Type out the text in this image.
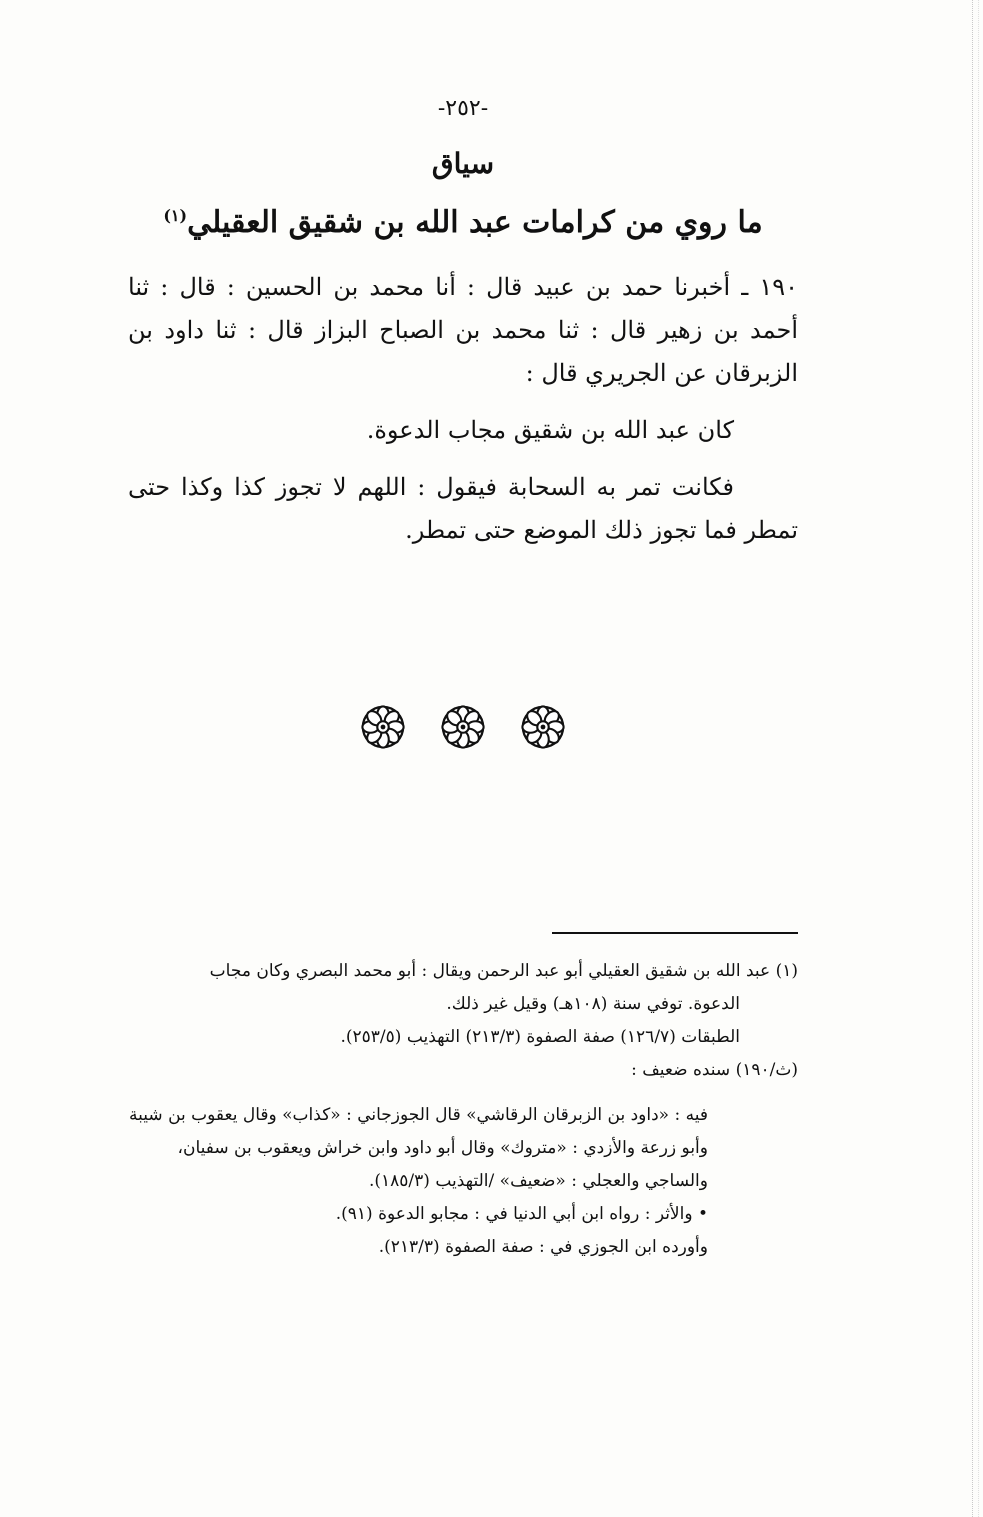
-٢٥٢-
سياق
ما روي من كرامات عبد الله بن شقيق العقيلي$^{(١)}$

١٩٠ ـ أخبرنا حمد بن عبيد قال : أنا محمد بن الحسين : قال : ثنا أحمد بن زهير قال : ثنا محمد بن الصباح البزاز قال : ثنا داود بن الزبرقان عن الجريري قال :

كان عبد الله بن شقيق مجاب الدعوة.

فكانت تمر به السحابة فيقول : اللهم لا تجوز كذا وكذا حتى تمطر فما تجوز ذلك الموضع حتى تمطر.

(١) عبد الله بن شقيق العقيلي أبو عبد الرحمن ويقال : أبو محمد البصري وكان مجاب

الدعوة. توفي سنة (١٠٨هـ) وقيل غير ذلك.

الطبقات (١٢٦/٧) صفة الصفوة (٢١٣/٣) التهذيب (٢٥٣/٥).

(ث/١٩٠) سنده ضعيف :

فيه : «داود بن الزبرقان الرقاشي» قال الجوزجاني : «كذاب» وقال يعقوب بن شيبة وأبو زرعة والأزدي : «متروك» وقال أبو داود وابن خراش ويعقوب بن سفيان، والساجي والعجلي : «ضعيف» /التهذيب (١٨٥/٣).

• والأثر : رواه ابن أبي الدنيا في : مجابو الدعوة (٩١).

وأورده ابن الجوزي في : صفة الصفوة (٢١٣/٣).
